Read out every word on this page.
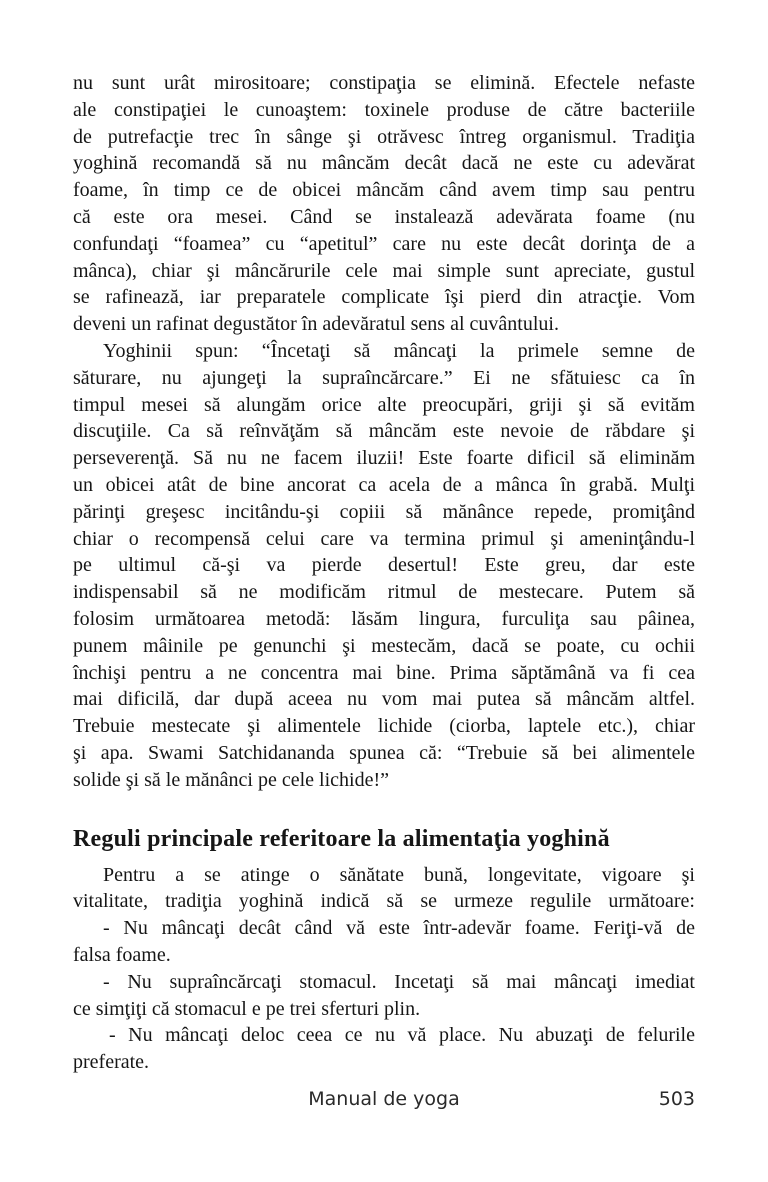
nu sunt urât mirositoare; constipaţia se elimină. Efectele nefaste
ale constipaţiei le cunoaştem: toxinele produse de către bacteriile
de putrefacţie trec în sânge şi otrăvesc întreg organismul. Tradiţia
yoghină recomandă să nu mâncăm decât dacă ne este cu adevărat
foame, în timp ce de obicei mâncăm când avem timp sau pentru
că este ora mesei. Când se instalează adevărata foame (nu
confundaţi “foamea” cu “apetitul” care nu este decât dorinţa de a
mânca), chiar şi mâncărurile cele mai simple sunt apreciate, gustul
se rafinează, iar preparatele complicate îşi pierd din atracţie. Vom
deveni un rafinat degustător în adevăratul sens al cuvântului.
Yoghinii spun: “Încetaţi să mâncaţi la primele semne de
săturare, nu ajungeţi la supraîncărcare.” Ei ne sfătuiesc ca în
timpul mesei să alungăm orice alte preocupări, griji şi să evităm
discuţiile. Ca să reînvăţăm să mâncăm este nevoie de răbdare şi
perseverenţă. Să nu ne facem iluzii! Este foarte dificil să eliminăm
un obicei atât de bine ancorat ca acela de a mânca în grabă. Mulţi
părinţi greşesc incitându-şi copiii să mănânce repede, promiţând
chiar o recompensă celui care va termina primul şi ameninţându-l
pe ultimul că-şi va pierde desertul! Este greu, dar este
indispensabil să ne modificăm ritmul de mestecare. Putem să
folosim următoarea metodă: lăsăm lingura, furculiţa sau pâinea,
punem mâinile pe genunchi şi mestecăm, dacă se poate, cu ochii
închişi pentru a ne concentra mai bine. Prima săptămână va fi cea
mai dificilă, dar după aceea nu vom mai putea să mâncăm altfel.
Trebuie mestecate şi alimentele lichide (ciorba, laptele etc.), chiar
şi apa. Swami Satchidananda spunea că: “Trebuie să bei alimentele
solide şi să le mănânci pe cele lichide!”
Reguli principale referitoare la alimentaţia yoghină
Pentru a se atinge o sănătate bună, longevitate, vigoare şi
vitalitate, tradiţia yoghină indică să se urmeze regulile următoare:
- Nu mâncaţi decât când vă este într-adevăr foame. Feriţi-vă de
falsa foame.
- Nu supraîncărcaţi stomacul. Incetaţi să mai mâncaţi imediat
ce simţiţi că stomacul e pe trei sferturi plin.
- Nu mâncaţi deloc ceea ce nu vă place. Nu abuzaţi de felurile
preferate.
Manual de yoga	503
